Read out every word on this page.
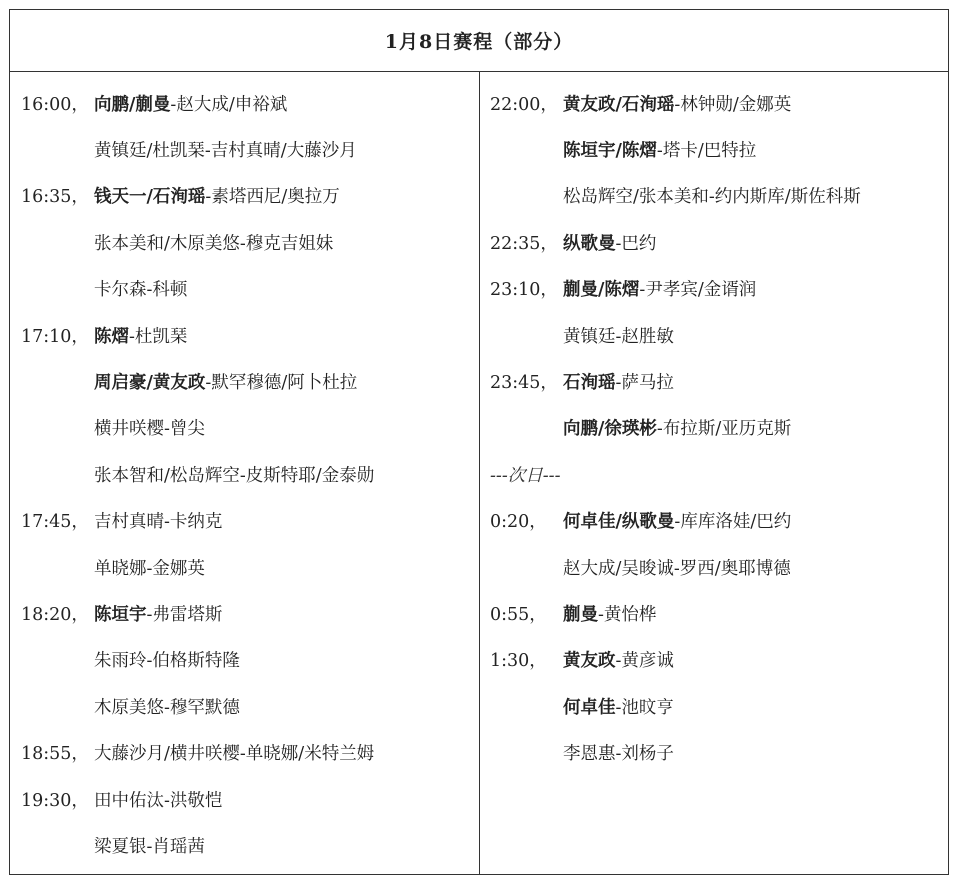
1月8日赛程（部分）
16:00， 向鹏/蒯曼 -赵大成/申裕斌
黄镇廷/杜凯琹-吉村真晴/大藤沙月
16:35， 钱天一/石洵瑶 -素塔西尼/奥拉万
张本美和/木原美悠-穆克吉姐妹
卡尔森-科顿
17:10， 陈熠 -杜凯琹
周启豪/黄友政 -默罕穆德/阿卜杜拉
横井咲樱-曾尖
张本智和/松岛辉空-皮斯特耶/金泰勋
17:45， 吉村真晴-卡纳克
单晓娜-金娜英
18:20， 陈垣宇 -弗雷塔斯
朱雨玲-伯格斯特隆
木原美悠-穆罕默德
18:55， 大藤沙月/横井咲樱-单晓娜/米特兰姆
19:30， 田中佑汰-洪敬恺
梁夏银-肖瑶茜
22:00， 黄友政/石洵瑶 -林钟勋/金娜英
陈垣宇/陈熠 -塔卡/巴特拉
松岛辉空/张本美和-约内斯库/斯佐科斯
22:35， 纵歌曼 -巴约
23:10， 蒯曼/陈熠 -尹孝宾/金谞润
黄镇廷-赵胜敏
23:45， 石洵瑶 -萨马拉
向鹏/徐瑛彬 -布拉斯/亚历克斯
---次日---
0:20， 何卓佳/纵歌曼 -库库洛娃/巴约
赵大成/吴晙诚-罗西/奥耶博德
0:55， 蒯曼 -黄怡桦
1:30， 黄友政 -黄彦诚
何卓佳 -池旼亨
李恩惠-刘杨子
